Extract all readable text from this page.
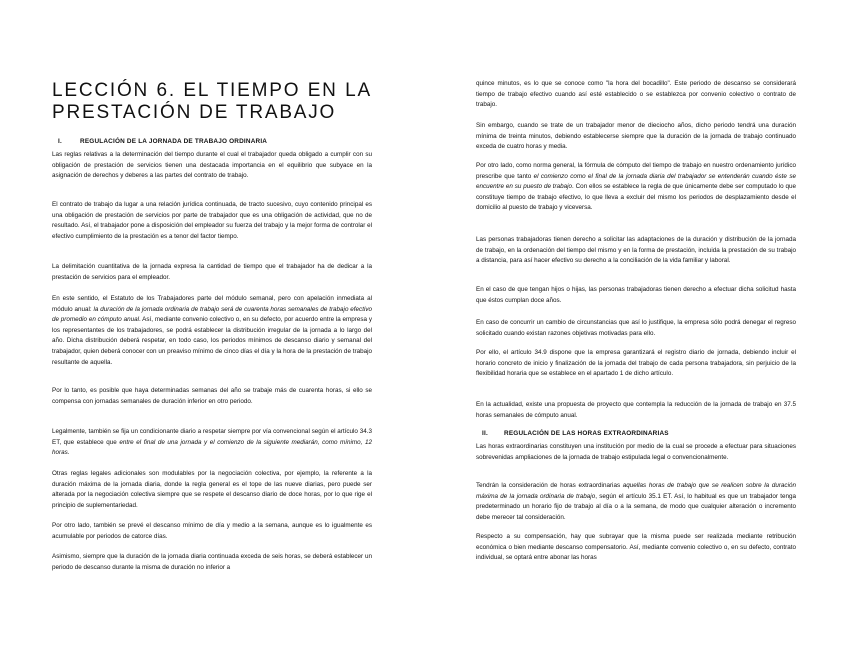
LECCIÓN 6. EL TIEMPO EN LA
PRESTACIÓN DE TRABAJO
I.	REGULACIÓN DE LA JORNADA DE TRABAJO ORDINARIA

Las reglas relativas a la determinación del tiempo durante el cual el trabajador queda obligado a cumplir con su obligación de prestación de servicios tienen una destacada importancia en el equilibrio que subyace en la asignación de derechos y deberes a las partes del contrato de trabajo.

El contrato de trabajo da lugar a una relación jurídica continuada, de tracto sucesivo, cuyo contenido principal es una obligación de prestación de servicios por parte de trabajador que es una obligación de actividad, que no de resultado. Así, el trabajador pone a disposición del empleador su fuerza del trabajo y la mejor forma de controlar el efectivo cumplimiento de la prestación es a tenor del factor tiempo.

La delimitación cuantitativa de la jornada expresa la cantidad de tiempo que el trabajador ha de dedicar a la prestación de servicios para el empleador.

En este sentido, el Estatuto de los Trabajadores parte del módulo semanal, pero con apelación inmediata al módulo anual: la duración de la jornada ordinaria de trabajo será de cuarenta horas semanales de trabajo efectivo de promedio en cómputo anual. Así, mediante convenio colectivo o, en su defecto, por acuerdo entre la empresa y los representantes de los trabajadores, se podrá establecer la distribución irregular de la jornada a lo largo del año. Dicha distribución deberá respetar, en todo caso, los periodos mínimos de descanso diario y semanal del trabajador, quien deberá conocer con un preaviso mínimo de cinco días el día y la hora de la prestación de trabajo resultante de aquella.

Por lo tanto, es posible que haya determinadas semanas del año se trabaje más de cuarenta horas, si ello se compensa con jornadas semanales de duración inferior en otro periodo.

Legalmente, también se fija un condicionante diario a respetar siempre por vía convencional según el artículo 34.3 ET, que establece que entre el final de una jornada y el comienzo de la siguiente mediarán, como mínimo, 12 horas.

Otras reglas legales adicionales son modulables por la negociación colectiva, por ejemplo, la referente a la duración máxima de la jornada diaria, donde la regla general es el tope de las nueve diarias, pero puede ser alterada por la negociación colectiva siempre que se respete el descanso diario de doce horas, por lo que rige el principio de suplementariedad.

Por otro lado, también se prevé el descanso mínimo de día y medio a la semana, aunque es lo igualmente es acumulable por periodos de catorce días.

Asimismo, siempre que la duración de la jornada diaria continuada exceda de seis horas, se deberá establecer un periodo de descanso durante la misma de duración no inferior a

quince minutos, es lo que se conoce como "la hora del bocadillo". Este periodo de descanso se considerará tiempo de trabajo efectivo cuando así esté establecido o se establezca por convenio colectivo o contrato de trabajo.

Sin embargo, cuando se trate de un trabajador menor de dieciocho años, dicho periodo tendrá una duración mínima de treinta minutos, debiendo establecerse siempre que la duración de la jornada de trabajo continuado exceda de cuatro horas y media.

Por otro lado, como norma general, la fórmula de cómputo del tiempo de trabajo en nuestro ordenamiento jurídico prescribe que tanto el comienzo como el final de la jornada diaria del trabajador se entenderán cuando éste se encuentre en su puesto de trabajo. Con ellos se establece la regla de que únicamente debe ser computado lo que constituye tiempo de trabajo efectivo, lo que lleva a excluir del mismo los periodos de desplazamiento desde el domicilio al puesto de trabajo y viceversa.

Las personas trabajadoras tienen derecho a solicitar las adaptaciones de la duración y distribución de la jornada de trabajo, en la ordenación del tiempo del mismo y en la forma de prestación, incluida la prestación de su trabajo a distancia, para así hacer efectivo su derecho a la conciliación de la vida familiar y laboral.

En el caso de que tengan hijos o hijas, las personas trabajadoras tienen derecho a efectuar dicha solicitud hasta que éstos cumplan doce años.

En caso de concurrir un cambio de circunstancias que así lo justifique, la empresa sólo podrá denegar el regreso solicitado cuando existan razones objetivas motivadas para ello.

Por ello, el artículo 34.9 dispone que la empresa garantizará el registro diario de jornada, debiendo incluir el horario concreto de inicio y finalización de la jornada del trabajo de cada persona trabajadora, sin perjuicio de la flexibilidad horaria que se establece en el apartado 1 de dicho artículo.

En la actualidad, existe una propuesta de proyecto que contempla la reducción de la jornada de trabajo en 37.5 horas semanales de cómputo anual.

II.	REGULACIÓN DE LAS HORAS EXTRAORDINARIAS

Las horas extraordinarias constituyen una institución por medio de la cual se procede a efectuar para situaciones sobrevenidas ampliaciones de la jornada de trabajo estipulada legal o convencionalmente.

Tendrán la consideración de horas extraordinarias aquellas horas de trabajo que se realicen sobre la duración máxima de la jornada ordinaria de trabajo, según el artículo 35.1 ET. Así, lo habitual es que un trabajador tenga predeterminado un horario fijo de trabajo al día o a la semana, de modo que cualquier alteración o incremento debe merecer tal consideración.

Respecto a su compensación, hay que subrayar que la misma puede ser realizada mediante retribución económica o bien mediante descanso compensatorio. Así, mediante convenio colectivo o, en su defecto, contrato individual, se optará entre abonar las horas
